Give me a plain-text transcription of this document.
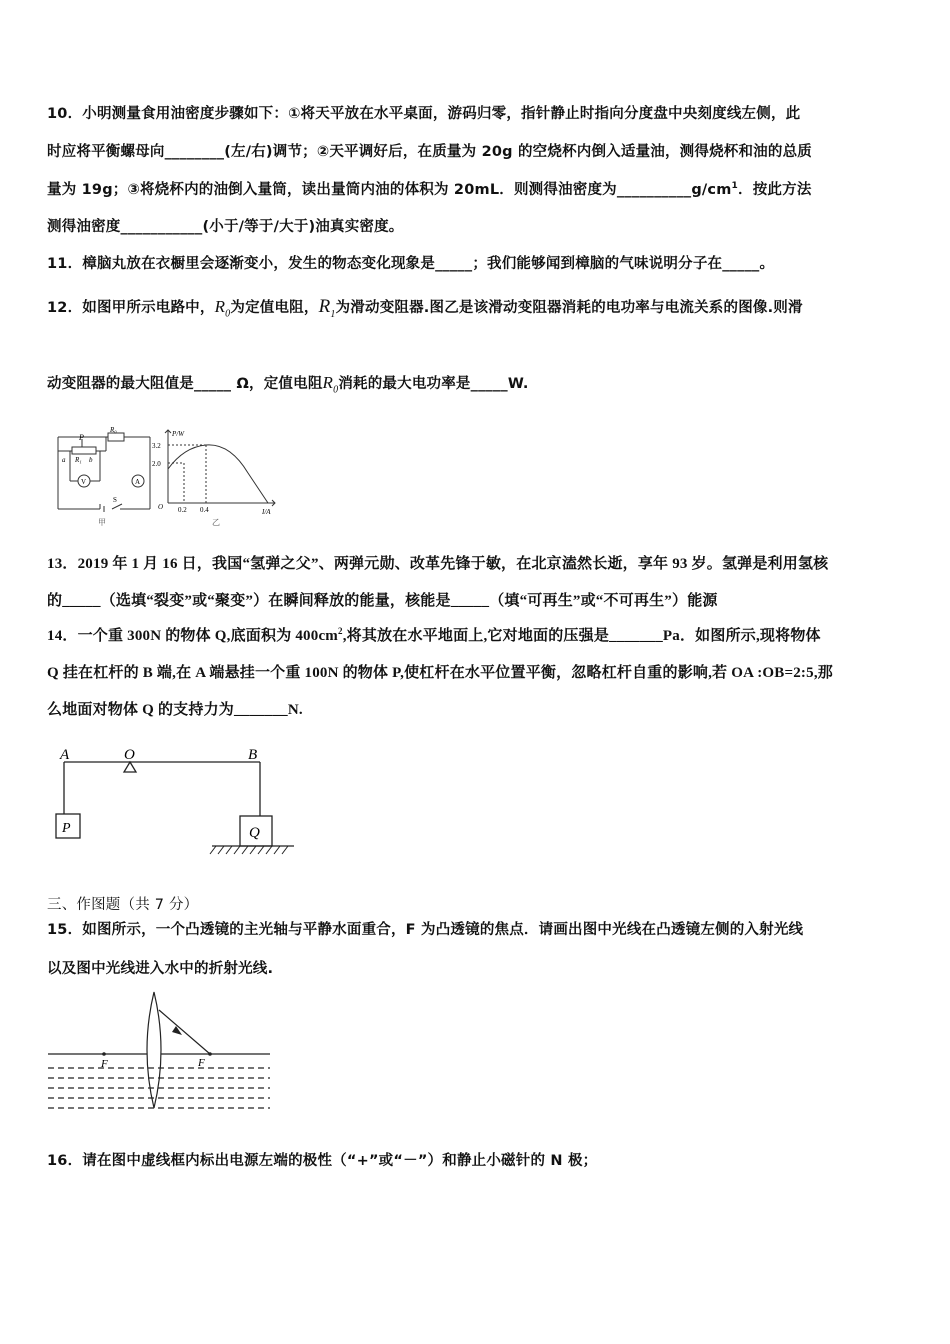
10．小明测量食用油密度步骤如下：①将天平放在水平桌面，游码归零，指针静止时指向分度盘中央刻度线左侧，此
时应将平衡螺母向________(左/右)调节；②天平调好后，在质量为 20g 的空烧杯内倒入适量油，测得烧杯和油的总质
量为 19g；③将烧杯内的油倒入量筒，读出量筒内油的体积为 20mL．则测得油密度为$\_\_\_\_\_\_\_\_\_\_g/cm^1$．按此方法
测得油密度___________(小于/等于/大于)油真实密度。
11．樟脑丸放在衣橱里会逐渐变小，发生的物态变化现象是_____；我们能够闻到樟脑的气味说明分子在_____。
12．如图甲所示电路中，$R_0$为定值电阻，$R_1$为滑动变阻器.图乙是该滑动变阻器消耗的电功率与电流关系的图像.则滑
动变阻器的最大阻值是_____ Ω，定值电阻$R_0$消耗的最大电功率是_____W.
P
R₀
a R₁ b
V	A
S
甲
P/W
I/A
O
3.2
2.0
0.2 0.4
乙
13．2019 年 1 月 16 日，我国“氢弹之父”、两弹元勋、改革先锋于敏，在北京溘然长逝，享年 93 岁。氢弹是利用氢核
的_____（选填“裂变”或“聚变”）在瞬间释放的能量，核能是_____（填“可再生”或“不可再生”）能源
14．一个重 300N 的物体 Q,底面积为 $400cm^2$,将其放在水平地面上,它对地面的压强是_______Pa．如图所示,现将物体
Q 挂在杠杆的 B 端,在 A 端悬挂一个重 100N 的物体 P,使杠杆在水平位置平衡，忽略杠杆自重的影响,若 OA :OB=2:5,那
么地面对物体 Q 的支持力为_______N.
A	O	B
P	Q
三、作图题（共 7 分）
15．如图所示，一个凸透镜的主光轴与平静水面重合，F 为凸透镜的焦点．请画出图中光线在凸透镜左侧的入射光线
以及图中光线进入水中的折射光线.
F	F
16．请在图中虚线框内标出电源左端的极性（“+”或“－”）和静止小磁针的 N 极；
